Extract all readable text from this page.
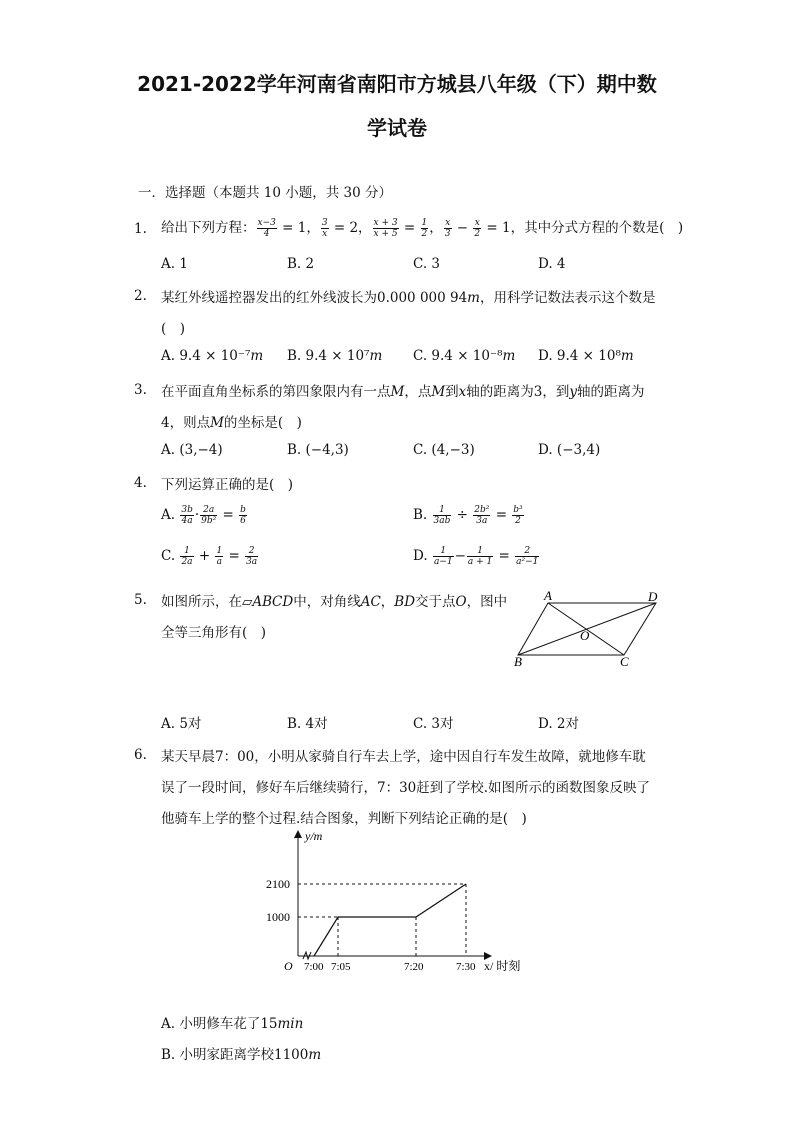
2021-2022学年河南省南阳市方城县八年级（下）期中数
学试卷
一．选择题（本题共 10 小题，共 30 分）
1. 给出下列方程： $\frac{x-3}{4} = 1$， $\frac{3}{x} = 2$， $\frac{x + 3}{x + 5} = \frac{1}{2}$ ， $\frac{x}{3} - \frac{x}{2} = 1$，其中分式方程的个数是(　)
A. 1	B. 2	C. 3	D. 4
2. 某红外线遥控器发出的红外线波长为0.000 000 94𝑚，用科学记数法表示这个数是
(　)
A. 9.4 × 10⁻⁷𝑚 B. 9.4 × 10⁷𝑚 C. 9.4 × 10⁻⁸𝑚 D. 9.4 × 10⁸𝑚
3. 在平面直角坐标系的第四象限内有一点𝑀，点𝑀到𝑥轴的距离为3，到𝑦轴的距离为
4，则点𝑀的坐标是(　)
A. (3,−4)	B. (−4,3)	C. (4,−3)	D. (−3,4)
4. 下列运算正确的是(　)
A. $\frac{3b}{4a} \cdot \frac{2a}{\text{9b²}} = \frac{b}{6}$	B. $\frac{1}{3ab} \div \frac{\text{2b²}}{3a} = \frac{\text{b³}}{2}$
C. $\frac{1}{2a} + \frac{1}{a} = \frac{2}{3a}$	D. $\frac{1}{a-1} - \frac{1}{a + 1} = \frac{2}{\text{a²−1}}$
5. 如图所示，在▱𝐴𝐵𝐶𝐷中，对角线𝐴𝐶，𝐵𝐷交于点𝑂，图中
全等三角形有(　)
A	D
B	C
O
A. 5对	B. 4对	C. 3对	D. 2对
6. 某天早晨7：00，小明从家骑自行车去上学，途中因自行车发生故障，就地修车耽
误了一段时间，修好车后继续骑行，7：30赶到了学校.如图所示的函数图象反映了
他骑车上学的整个过程.结合图象，判断下列结论正确的是(　)
y/m
2100
1000
O 7:00 7:05	7:20	7:30 x/ 时刻
A. 小明修车花了15𝑚𝑖𝑛
B. 小明家距离学校1100𝑚
